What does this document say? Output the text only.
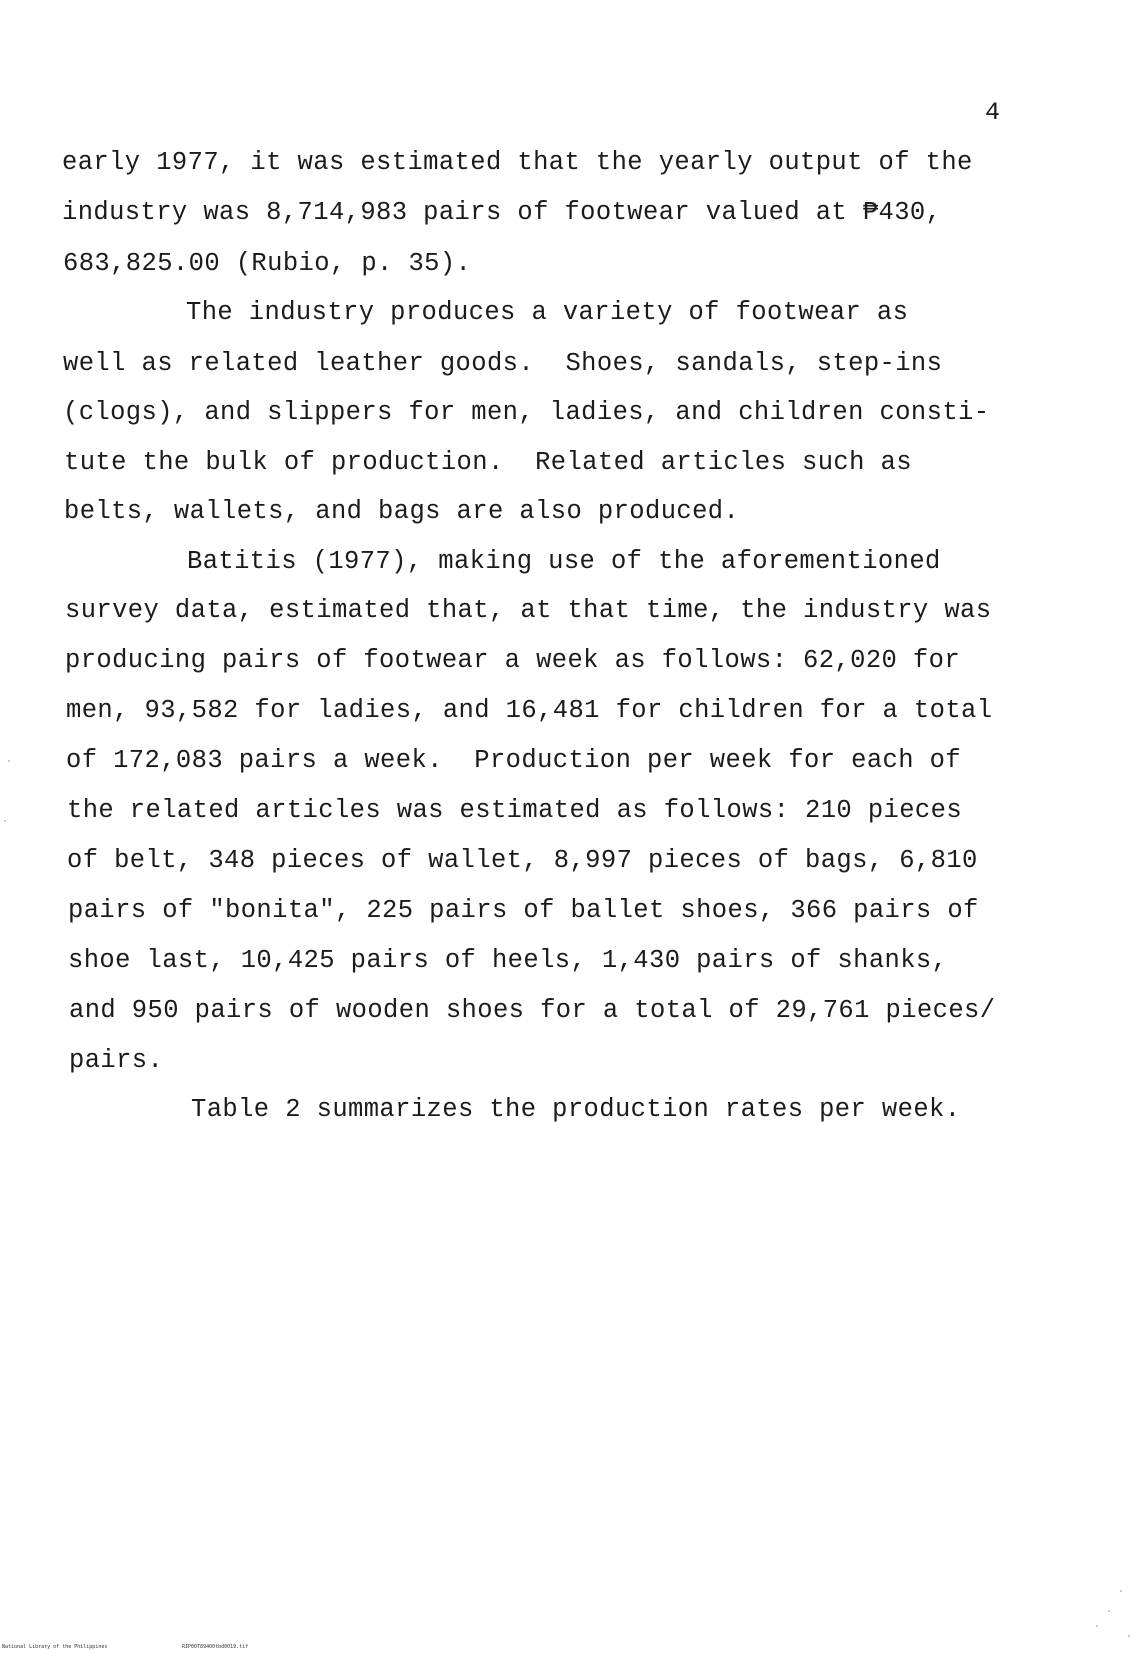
4
early 1977, it was estimated that the yearly output of the
industry was 8,714,983 pairs of footwear valued at ₱430,
683,825.00 (Rubio, p. 35).
The industry produces a variety of footwear as
well as related leather goods.  Shoes, sandals, step-ins
(clogs), and slippers for men, ladies, and children consti-
tute the bulk of production.  Related articles such as
belts, wallets, and bags are also produced.
Batitis (1977), making use of the aforementioned
survey data, estimated that, at that time, the industry was
producing pairs of footwear a week as follows: 62,020 for
men, 93,582 for ladies, and 16,481 for children for a total
of 172,083 pairs a week.  Production per week for each of
the related articles was estimated as follows: 210 pieces
of belt, 348 pieces of wallet, 8,997 pieces of bags, 6,810
pairs of "bonita", 225 pairs of ballet shoes, 366 pairs of
shoe last, 10,425 pairs of heels, 1,430 pairs of shanks,
and 950 pairs of wooden shoes for a total of 29,761 pieces/
pairs.
Table 2 summarizes the production rates per week.
National Library of the Philippines	RIP00T89400tbd0019.tif
